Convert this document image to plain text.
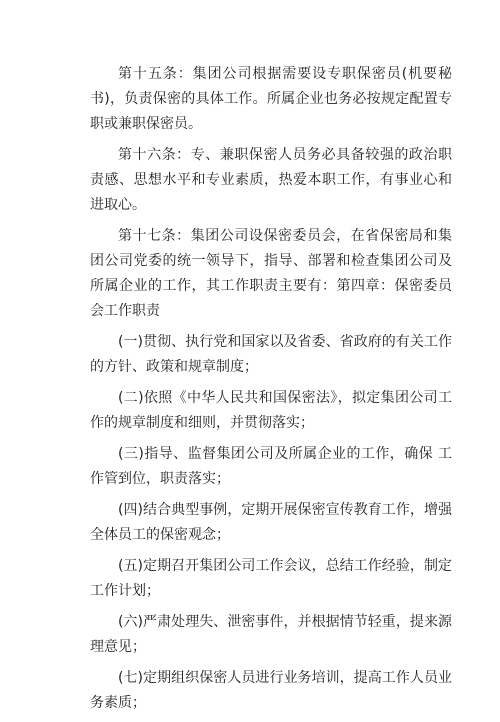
第十五条：集团公司根据需要设专职保密员(机要秘书)，负责保密的具体工作。所属企业也务必按规定配置专职或兼职保密员。

第十六条：专、兼职保密人员务必具备较强的政治职责感、思想水平和专业素质，热爱本职工作，有事业心和进取心。

第十七条：集团公司设保密委员会，在省保密局和集团公司党委的统一领导下，指导、部署和检查集团公司及所属企业的工作，其工作职责主要有：第四章：保密委员会工作职责

(一)贯彻、执行党和国家以及省委、省政府的有关工作的方针、政策和规章制度；

(二)依照《中华人民共和国保密法》，拟定集团公司工作的规章制度和细则，并贯彻落实；

(三)指导、监督集团公司及所属企业的工作，确保 工作管到位，职责落实；

(四)结合典型事例，定期开展保密宣传教育工作，增强全体员工的保密观念；

(五)定期召开集团公司工作会议，总结工作经验，制定工作计划；

(六)严肃处理失、泄密事件，并根据情节轻重，提来源理意见；

(七)定期组织保密人员进行业务培训，提高工作人员业务素质；
